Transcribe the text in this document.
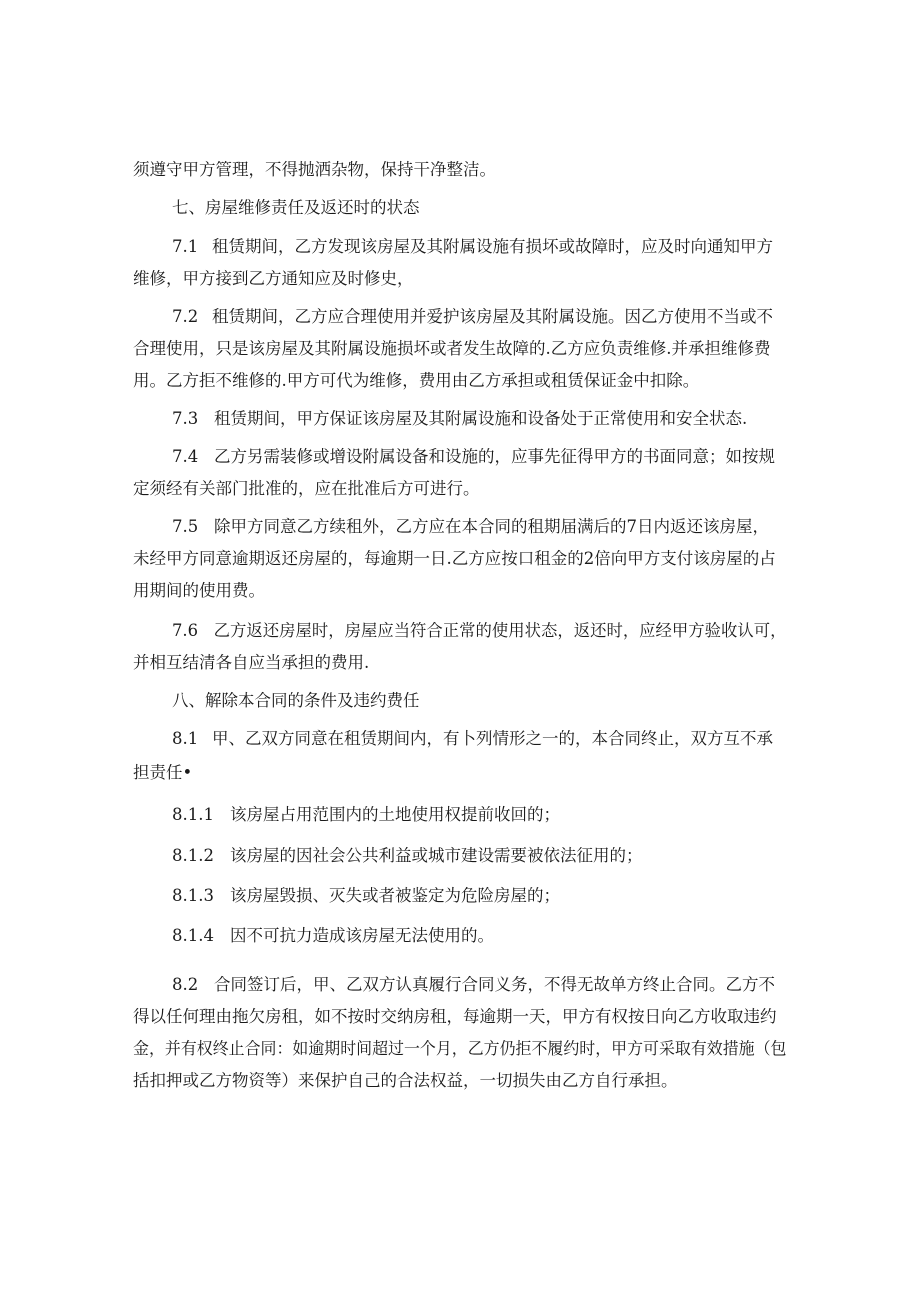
须遵守甲方管理，不得抛洒杂物，保持干净整洁。
七、房屋维修责任及返还时的状态
7.1 租赁期间，乙方发现该房屋及其附属设施有损坏或故障时，应及时向通知甲方
维修，甲方接到乙方通知应及时修史，
7.2 租赁期间，乙方应合理使用并爱护该房屋及其附属设施。因乙方使用不当或不
合理使用，只是该房屋及其附属设施损坏或者发生故障的.乙方应负责维修.并承担维修费
用。乙方拒不维修的.甲方可代为维修，费用由乙方承担或租赁保证金中扣除。
7.3 租赁期间，甲方保证该房屋及其附属设施和设备处于正常使用和安全状态.
7.4 乙方另需装修或增设附属设备和设施的，应事先征得甲方的书面同意；如按规
定须经有关部门批准的，应在批准后方可进行。
7.5 除甲方同意乙方续租外，乙方应在本合同的租期届满后的7日内返还该房屋，
未经甲方同意逾期返还房屋的，每逾期一日.乙方应按口租金的2倍向甲方支付该房屋的占
用期间的使用费。
7.6 乙方返还房屋时，房屋应当符合正常的使用状态，返还时，应经甲方验收认可，
并相互结清各自应当承担的费用.
八、解除本合同的条件及违约费任
8.1 甲、乙双方同意在租赁期间内，有卜列情形之一的，本合同终止，双方互不承
担责任•
8.1.1 该房屋占用范围内的土地使用权提前收回的；
8.1.2 该房屋的因社会公共利益或城市建设需要被依法征用的；
8.1.3 该房屋毁损、灭失或者被鉴定为危险房屋的；
8.1.4 因不可抗力造成该房屋无法使用的。
8.2 合同签订后，甲、乙双方认真履行合同义务，不得无故单方终止合同。乙方不
得以任何理由拖欠房租，如不按时交纳房租，每逾期一天，甲方有权按日向乙方收取违约
金，并有权终止合同：如逾期时间超过一个月，乙方仍拒不履约时，甲方可采取有效措施（包
括扣押或乙方物资等）来保护自己的合法权益，一切损失由乙方自行承担。
